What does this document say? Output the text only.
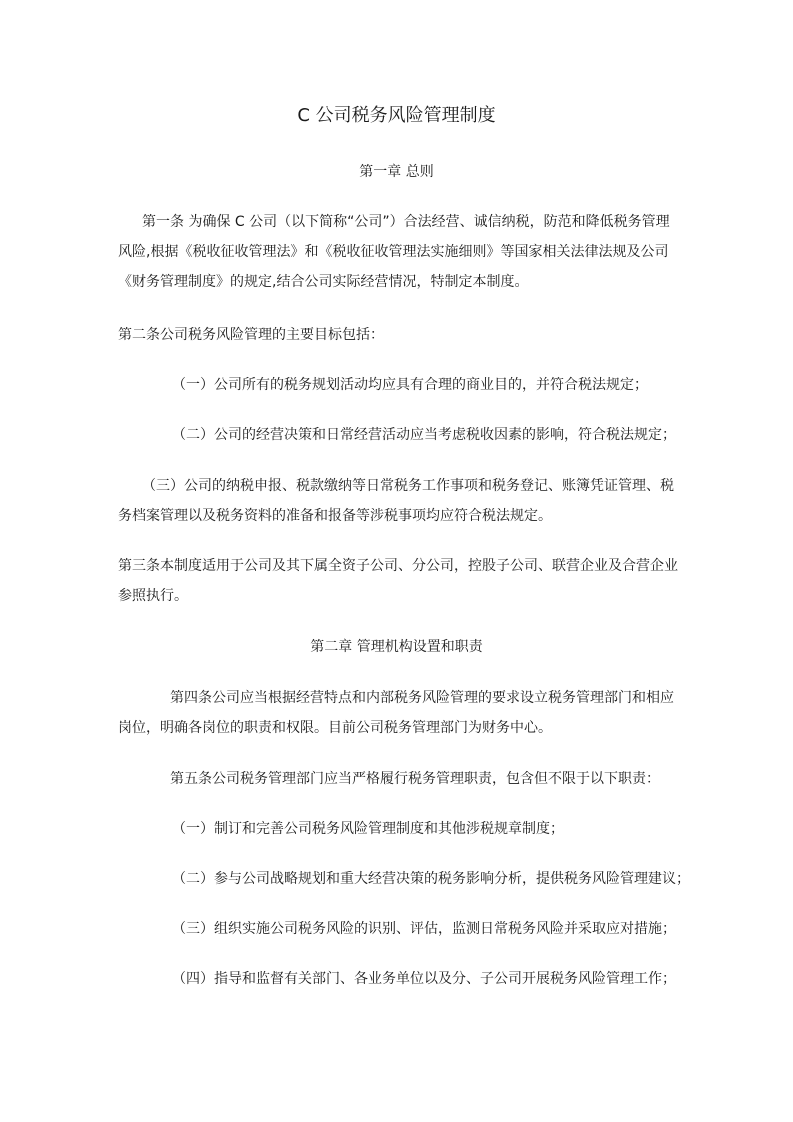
C 公司税务风险管理制度
第一章 总则
第一条 为确保 C 公司（以下简称“公司”）合法经营、诚信纳税，防范和降低税务管理
风险,根据《税收征收管理法》和《税收征收管理法实施细则》等国家相关法律法规及公司
《财务管理制度》的规定,结合公司实际经营情况，特制定本制度。
第二条公司税务风险管理的主要目标包括：
（一）公司所有的税务规划活动均应具有合理的商业目的，并符合税法规定；
（二）公司的经营决策和日常经营活动应当考虑税收因素的影响，符合税法规定；
（三）公司的纳税申报、税款缴纳等日常税务工作事项和税务登记、账簿凭证管理、税
务档案管理以及税务资料的准备和报备等涉税事项均应符合税法规定。
第三条本制度适用于公司及其下属全资子公司、分公司，控股子公司、联营企业及合营企业
参照执行。
第二章 管理机构设置和职责
第四条公司应当根据经营特点和内部税务风险管理的要求设立税务管理部门和相应
岗位，明确各岗位的职责和权限。目前公司税务管理部门为财务中心。
第五条公司税务管理部门应当严格履行税务管理职责，包含但不限于以下职责：
（一）制订和完善公司税务风险管理制度和其他涉税规章制度；
（二）参与公司战略规划和重大经营决策的税务影响分析，提供税务风险管理建议；
（三）组织实施公司税务风险的识别、评估，监测日常税务风险并采取应对措施；
（四）指导和监督有关部门、各业务单位以及分、子公司开展税务风险管理工作；
